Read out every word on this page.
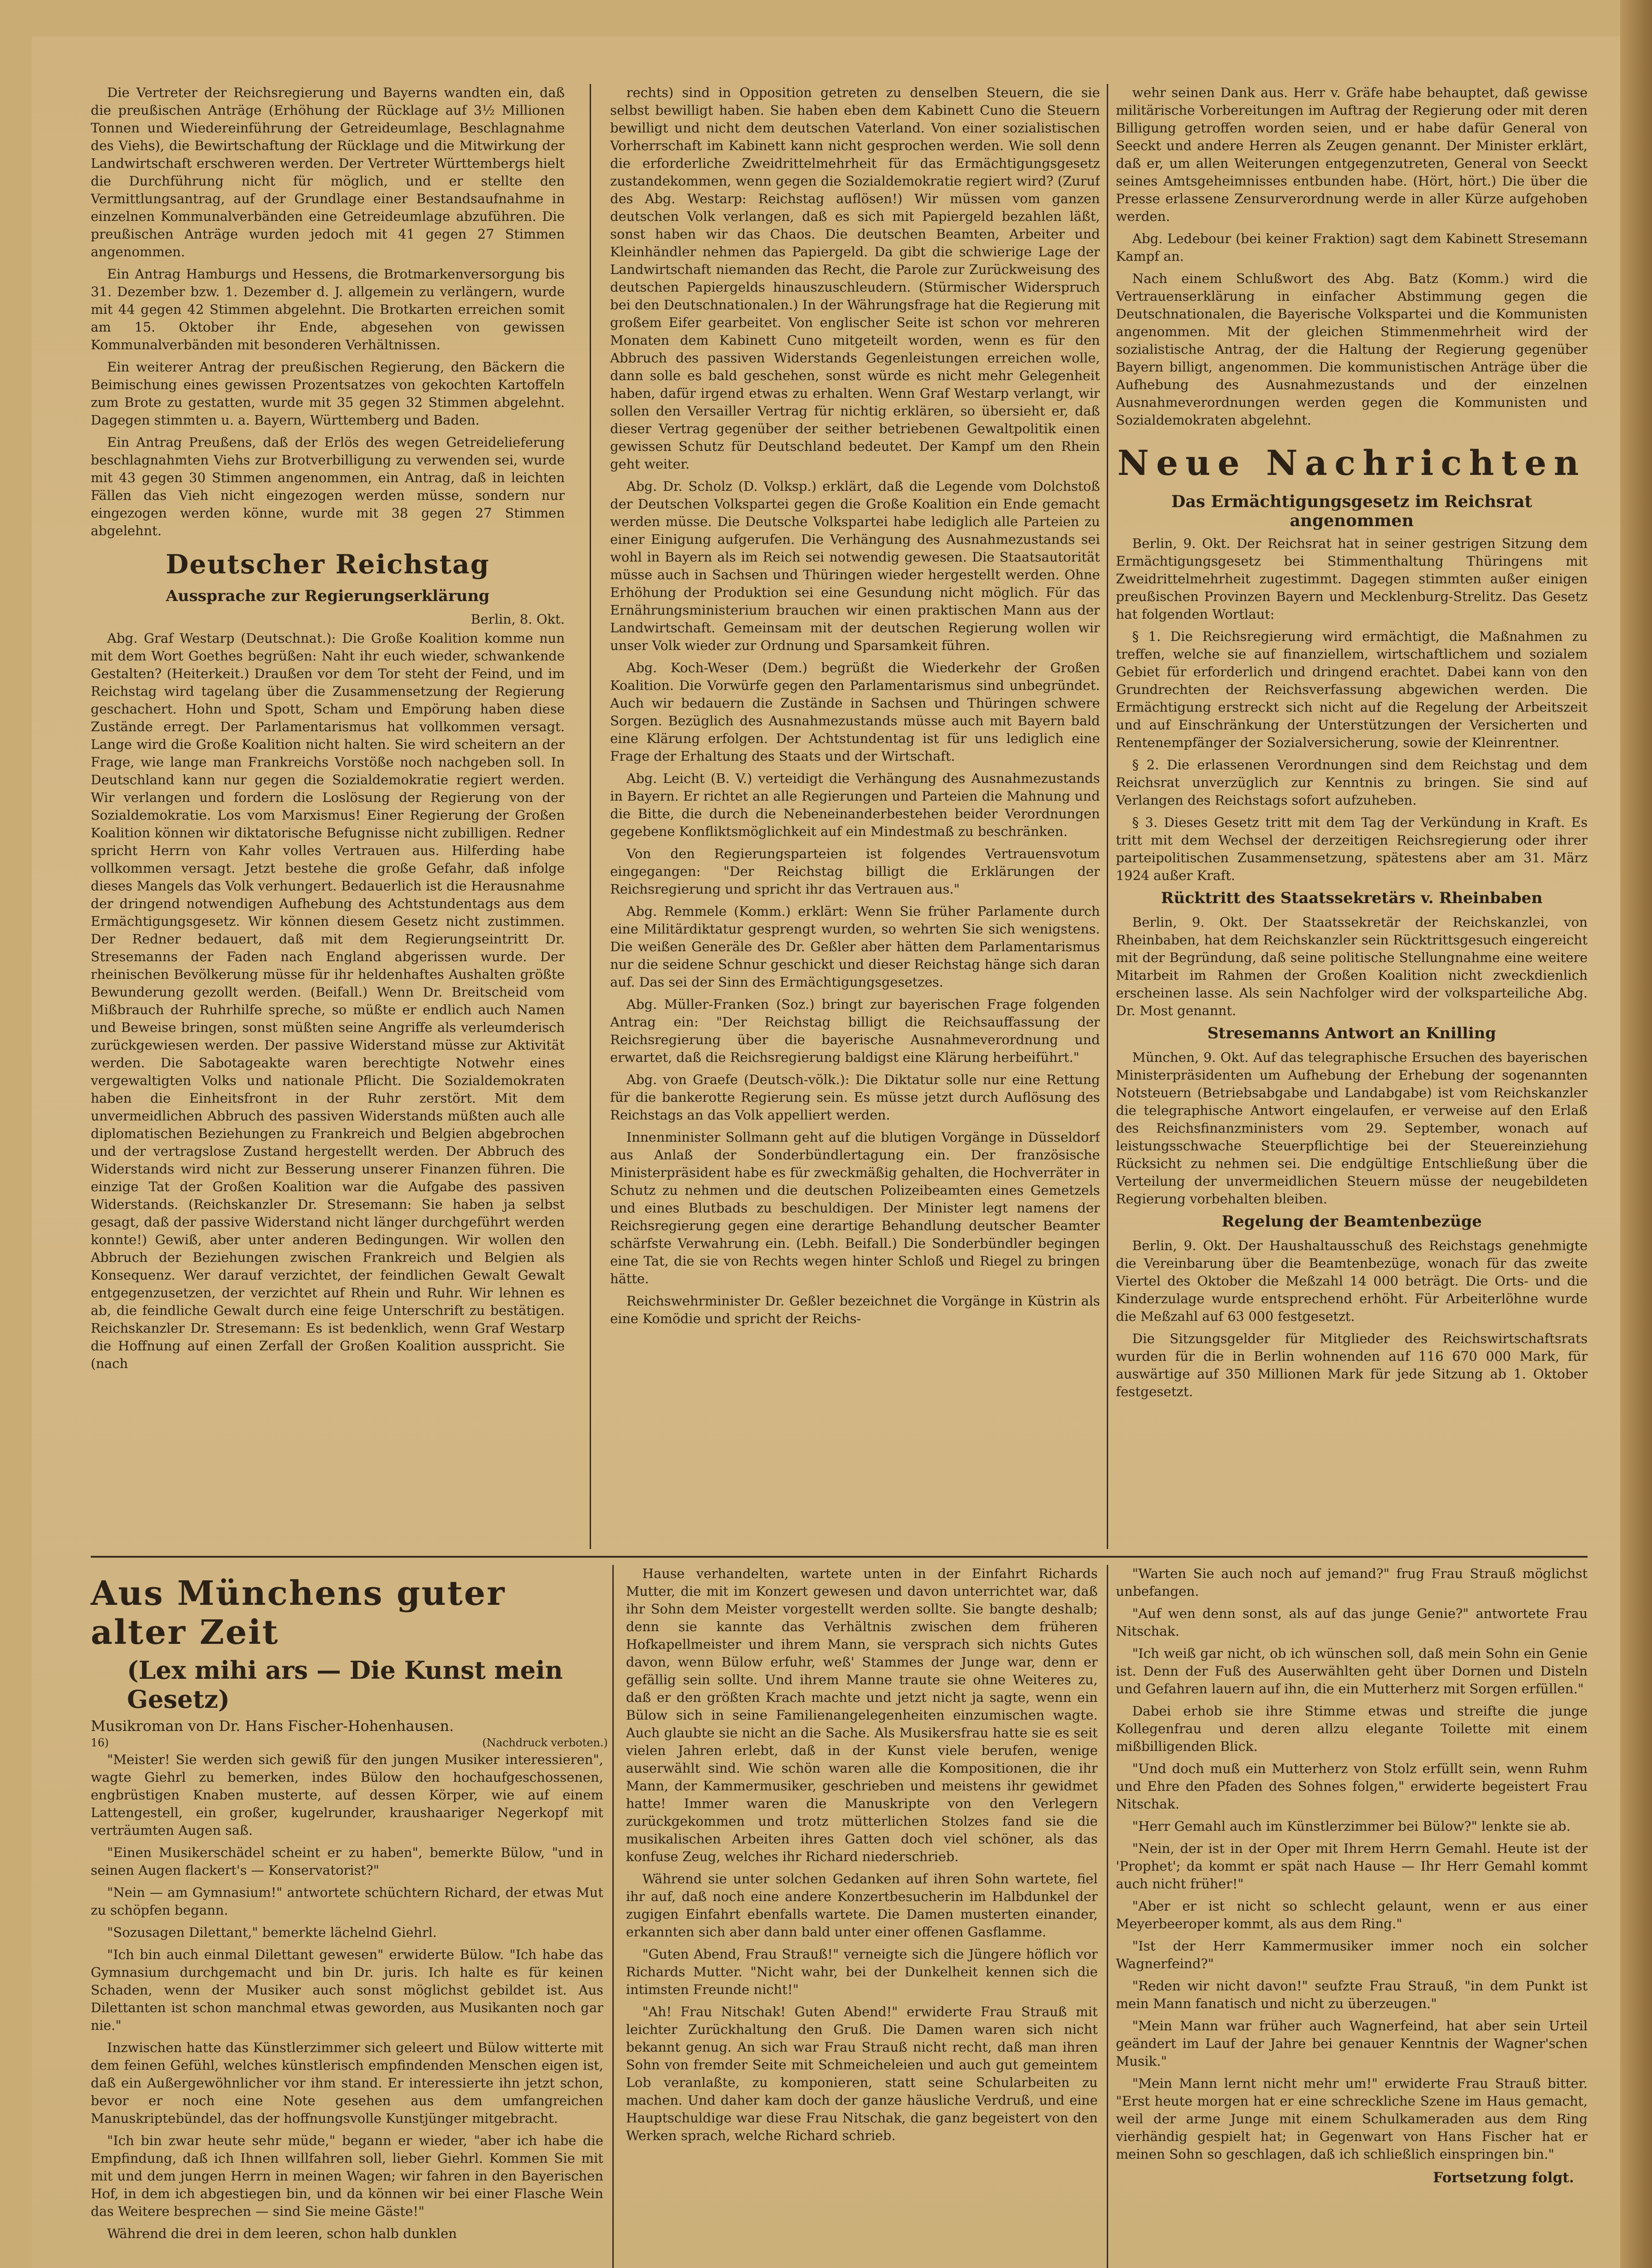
Die Vertreter der Reichsregierung und Bayerns wandten ein, daß die preußischen Anträge (Erhöhung der Rücklage auf 3½ Millionen Tonnen und Wiedereinführung der Getreideumlage, Beschlagnahme des Viehs), die Bewirtschaftung der Rücklage und die Mitwirkung der Landwirtschaft erschweren werden. Der Vertreter Württembergs hielt die Durchführung nicht für möglich, und er stellte den Vermittlungsantrag, auf der Grundlage einer Bestandsaufnahme in einzelnen Kommunalverbänden eine Getreideumlage abzuführen. Die preußischen Anträge wurden jedoch mit 41 gegen 27 Stimmen angenommen.

Ein Antrag Hamburgs und Hessens, die Brotmarkenversorgung bis 31. Dezember bzw. 1. Dezember d. J. allgemein zu verlängern, wurde mit 44 gegen 42 Stimmen abgelehnt. Die Brotkarten erreichen somit am 15. Oktober ihr Ende, abgesehen von gewissen Kommunalverbänden mit besonderen Verhältnissen.

Ein weiterer Antrag der preußischen Regierung, den Bäckern die Beimischung eines gewissen Prozentsatzes von gekochten Kartoffeln zum Brote zu gestatten, wurde mit 35 gegen 32 Stimmen abgelehnt. Dagegen stimmten u. a. Bayern, Württemberg und Baden.

Ein Antrag Preußens, daß der Erlös des wegen Getreidelieferung beschlagnahmten Viehs zur Brotverbilligung zu verwenden sei, wurde mit 43 gegen 30 Stimmen angenommen, ein Antrag, daß in leichten Fällen das Vieh nicht eingezogen werden müsse, sondern nur eingezogen werden könne, wurde mit 38 gegen 27 Stimmen abgelehnt.

Deutscher Reichstag
Aussprache zur Regierungserklärung
Berlin, 8. Okt.

Abg. Graf Westarp (Deutschnat.): Die Große Koalition komme nun mit dem Wort Goethes begrüßen: Naht ihr euch wieder, schwankende Gestalten? (Heiterkeit.) Draußen vor dem Tor steht der Feind, und im Reichstag wird tagelang über die Zusammensetzung der Regierung geschachert. Hohn und Spott, Scham und Empörung haben diese Zustände erregt. Der Parlamentarismus hat vollkommen versagt. Lange wird die Große Koalition nicht halten. Sie wird scheitern an der Frage, wie lange man Frankreichs Vorstöße noch nachgeben soll. In Deutschland kann nur gegen die Sozialdemokratie regiert werden. Wir verlangen und fordern die Loslösung der Regierung von der Sozialdemokratie. Los vom Marxismus! Einer Regierung der Großen Koalition können wir diktatorische Befugnisse nicht zubilligen. Redner spricht Herrn von Kahr volles Vertrauen aus. Hilferding habe vollkommen versagt. Jetzt bestehe die große Gefahr, daß infolge dieses Mangels das Volk verhungert. Bedauerlich ist die Herausnahme der dringend notwendigen Aufhebung des Achtstundentags aus dem Ermächtigungsgesetz. Wir können diesem Gesetz nicht zustimmen. Der Redner bedauert, daß mit dem Regierungseintritt Dr. Stresemanns der Faden nach England abgerissen wurde. Der rheinischen Bevölkerung müsse für ihr heldenhaftes Aushalten größte Bewunderung gezollt werden. (Beifall.) Wenn Dr. Breitscheid vom Mißbrauch der Ruhrhilfe spreche, so müßte er endlich auch Namen und Beweise bringen, sonst müßten seine Angriffe als verleumderisch zurückgewiesen werden. Der passive Widerstand müsse zur Aktivität werden. Die Sabotageakte waren berechtigte Notwehr eines vergewaltigten Volks und nationale Pflicht. Die Sozialdemokraten haben die Einheitsfront in der Ruhr zerstört. Mit dem unvermeidlichen Abbruch des passiven Widerstands müßten auch alle diplomatischen Beziehungen zu Frankreich und Belgien abgebrochen und der vertragslose Zustand hergestellt werden. Der Abbruch des Widerstands wird nicht zur Besserung unserer Finanzen führen. Die einzige Tat der Großen Koalition war die Aufgabe des passiven Widerstands. (Reichskanzler Dr. Stresemann: Sie haben ja selbst gesagt, daß der passive Widerstand nicht länger durchgeführt werden konnte!) Gewiß, aber unter anderen Bedingungen. Wir wollen den Abbruch der Beziehungen zwischen Frankreich und Belgien als Konsequenz. Wer darauf verzichtet, der feindlichen Gewalt Gewalt entgegenzusetzen, der verzichtet auf Rhein und Ruhr. Wir lehnen es ab, die feindliche Gewalt durch eine feige Unterschrift zu bestätigen. Reichskanzler Dr. Stresemann: Es ist bedenklich, wenn Graf Westarp die Hoffnung auf einen Zerfall der Großen Koalition ausspricht. Sie (nach

rechts) sind in Opposition getreten zu denselben Steuern, die sie selbst bewilligt haben. Sie haben eben dem Kabinett Cuno die Steuern bewilligt und nicht dem deutschen Vaterland. Von einer sozialistischen Vorherrschaft im Kabinett kann nicht gesprochen werden. Wie soll denn die erforderliche Zweidrittelmehrheit für das Ermächtigungsgesetz zustandekommen, wenn gegen die Sozialdemokratie regiert wird? (Zuruf des Abg. Westarp: Reichstag auflösen!) Wir müssen vom ganzen deutschen Volk verlangen, daß es sich mit Papiergeld bezahlen läßt, sonst haben wir das Chaos. Die deutschen Beamten, Arbeiter und Kleinhändler nehmen das Papiergeld. Da gibt die schwierige Lage der Landwirtschaft niemanden das Recht, die Parole zur Zurückweisung des deutschen Papiergelds hinauszuschleudern. (Stürmischer Widerspruch bei den Deutschnationalen.) In der Währungsfrage hat die Regierung mit großem Eifer gearbeitet. Von englischer Seite ist schon vor mehreren Monaten dem Kabinett Cuno mitgeteilt worden, wenn es für den Abbruch des passiven Widerstands Gegenleistungen erreichen wolle, dann solle es bald geschehen, sonst würde es nicht mehr Gelegenheit haben, dafür irgend etwas zu erhalten. Wenn Graf Westarp verlangt, wir sollen den Versailler Vertrag für nichtig erklären, so übersieht er, daß dieser Vertrag gegenüber der seither betriebenen Gewaltpolitik einen gewissen Schutz für Deutschland bedeutet. Der Kampf um den Rhein geht weiter.

Abg. Dr. Scholz (D. Volksp.) erklärt, daß die Legende vom Dolchstoß der Deutschen Volkspartei gegen die Große Koalition ein Ende gemacht werden müsse. Die Deutsche Volkspartei habe lediglich alle Parteien zu einer Einigung aufgerufen. Die Verhängung des Ausnahmezustands sei wohl in Bayern als im Reich sei notwendig gewesen. Die Staatsautorität müsse auch in Sachsen und Thüringen wieder hergestellt werden. Ohne Erhöhung der Produktion sei eine Gesundung nicht möglich. Für das Ernährungsministerium brauchen wir einen praktischen Mann aus der Landwirtschaft. Gemeinsam mit der deutschen Regierung wollen wir unser Volk wieder zur Ordnung und Sparsamkeit führen.

Abg. Koch-Weser (Dem.) begrüßt die Wiederkehr der Großen Koalition. Die Vorwürfe gegen den Parlamentarismus sind unbegründet. Auch wir bedauern die Zustände in Sachsen und Thüringen schwere Sorgen. Bezüglich des Ausnahmezustands müsse auch mit Bayern bald eine Klärung erfolgen. Der Achtstundentag ist für uns lediglich eine Frage der Erhaltung des Staats und der Wirtschaft.

Abg. Leicht (B. V.) verteidigt die Verhängung des Ausnahmezustands in Bayern. Er richtet an alle Regierungen und Parteien die Mahnung und die Bitte, die durch die Nebeneinanderbestehen beider Verordnungen gegebene Konfliktsmöglichkeit auf ein Mindestmaß zu beschränken.

Von den Regierungsparteien ist folgendes Vertrauensvotum eingegangen: "Der Reichstag billigt die Erklärungen der Reichsregierung und spricht ihr das Vertrauen aus."

Abg. Remmele (Komm.) erklärt: Wenn Sie früher Parlamente durch eine Militärdiktatur gesprengt wurden, so wehrten Sie sich wenigstens. Die weißen Generäle des Dr. Geßler aber hätten dem Parlamentarismus nur die seidene Schnur geschickt und dieser Reichstag hänge sich daran auf. Das sei der Sinn des Ermächtigungsgesetzes.

Abg. Müller-Franken (Soz.) bringt zur bayerischen Frage folgenden Antrag ein: "Der Reichstag billigt die Reichsauffassung der Reichsregierung über die bayerische Ausnahmeverordnung und erwartet, daß die Reichsregierung baldigst eine Klärung herbeiführt."

Abg. von Graefe (Deutsch-völk.): Die Diktatur solle nur eine Rettung für die bankerotte Regierung sein. Es müsse jetzt durch Auflösung des Reichstags an das Volk appelliert werden.

Innenminister Sollmann geht auf die blutigen Vorgänge in Düsseldorf aus Anlaß der Sonderbündlertagung ein. Der französische Ministerpräsident habe es für zweckmäßig gehalten, die Hochverräter in Schutz zu nehmen und die deutschen Polizeibeamten eines Gemetzels und eines Blutbads zu beschuldigen. Der Minister legt namens der Reichsregierung gegen eine derartige Behandlung deutscher Beamter schärfste Verwahrung ein. (Lebh. Beifall.) Die Sonderbündler begingen eine Tat, die sie von Rechts wegen hinter Schloß und Riegel zu bringen hätte.

Reichswehrminister Dr. Geßler bezeichnet die Vorgänge in Küstrin als eine Komödie und spricht der Reichs-

wehr seinen Dank aus. Herr v. Gräfe habe behauptet, daß gewisse militärische Vorbereitungen im Auftrag der Regierung oder mit deren Billigung getroffen worden seien, und er habe dafür General von Seeckt und andere Herren als Zeugen genannt. Der Minister erklärt, daß er, um allen Weiterungen entgegenzutreten, General von Seeckt seines Amtsgeheimnisses entbunden habe. (Hört, hört.) Die über die Presse erlassene Zensurverordnung werde in aller Kürze aufgehoben werden.

Abg. Ledebour (bei keiner Fraktion) sagt dem Kabinett Stresemann Kampf an.

Nach einem Schlußwort des Abg. Batz (Komm.) wird die Vertrauenserklärung in einfacher Abstimmung gegen die Deutschnationalen, die Bayerische Volkspartei und die Kommunisten angenommen. Mit der gleichen Stimmenmehrheit wird der sozialistische Antrag, der die Haltung der Regierung gegenüber Bayern billigt, angenommen. Die kommunistischen Anträge über die Aufhebung des Ausnahmezustands und der einzelnen Ausnahmeverordnungen werden gegen die Kommunisten und Sozialdemokraten abgelehnt.

Neue Nachrichten
Das Ermächtigungsgesetz im Reichsrat angenommen

Berlin, 9. Okt. Der Reichsrat hat in seiner gestrigen Sitzung dem Ermächtigungsgesetz bei Stimmenthaltung Thüringens mit Zweidrittelmehrheit zugestimmt. Dagegen stimmten außer einigen preußischen Provinzen Bayern und Mecklenburg-Strelitz. Das Gesetz hat folgenden Wortlaut:

§ 1. Die Reichsregierung wird ermächtigt, die Maßnahmen zu treffen, welche sie auf finanziellem, wirtschaftlichem und sozialem Gebiet für erforderlich und dringend erachtet. Dabei kann von den Grundrechten der Reichsverfassung abgewichen werden. Die Ermächtigung erstreckt sich nicht auf die Regelung der Arbeitszeit und auf Einschränkung der Unterstützungen der Versicherten und Rentenempfänger der Sozialversicherung, sowie der Kleinrentner.

§ 2. Die erlassenen Verordnungen sind dem Reichstag und dem Reichsrat unverzüglich zur Kenntnis zu bringen. Sie sind auf Verlangen des Reichstags sofort aufzuheben.

§ 3. Dieses Gesetz tritt mit dem Tag der Verkündung in Kraft. Es tritt mit dem Wechsel der derzeitigen Reichsregierung oder ihrer parteipolitischen Zusammensetzung, spätestens aber am 31. März 1924 außer Kraft.

Rücktritt des Staatssekretärs v. Rheinbaben

Berlin, 9. Okt. Der Staatssekretär der Reichskanzlei, von Rheinbaben, hat dem Reichskanzler sein Rücktrittsgesuch eingereicht mit der Begründung, daß seine politische Stellungnahme eine weitere Mitarbeit im Rahmen der Großen Koalition nicht zweckdienlich erscheinen lasse. Als sein Nachfolger wird der volksparteiliche Abg. Dr. Most genannt.

Stresemanns Antwort an Knilling

München, 9. Okt. Auf das telegraphische Ersuchen des bayerischen Ministerpräsidenten um Aufhebung der Erhebung der sogenannten Notsteuern (Betriebsabgabe und Landabgabe) ist vom Reichskanzler die telegraphische Antwort eingelaufen, er verweise auf den Erlaß des Reichsfinanzministers vom 29. September, wonach auf leistungsschwache Steuerpflichtige bei der Steuereinziehung Rücksicht zu nehmen sei. Die endgültige Entschließung über die Verteilung der unvermeidlichen Steuern müsse der neugebildeten Regierung vorbehalten bleiben.

Regelung der Beamtenbezüge

Berlin, 9. Okt. Der Haushaltausschuß des Reichstags genehmigte die Vereinbarung über die Beamtenbezüge, wonach für das zweite Viertel des Oktober die Meßzahl 14 000 beträgt. Die Orts- und die Kinderzulage wurde entsprechend erhöht. Für Arbeiterlöhne wurde die Meßzahl auf 63 000 festgesetzt.

Die Sitzungsgelder für Mitglieder des Reichswirtschaftsrats wurden für die in Berlin wohnenden auf 116 670 000 Mark, für auswärtige auf 350 Millionen Mark für jede Sitzung ab 1. Oktober festgesetzt.

Aus Münchens guter alter Zeit
(Lex mihi ars — Die Kunst mein Gesetz)
Musikroman von Dr. Hans Fischer-Hohenhausen.
16)	(Nachdruck verboten.)

"Meister! Sie werden sich gewiß für den jungen Musiker interessieren", wagte Giehrl zu bemerken, indes Bülow den hochaufgeschossenen, engbrüstigen Knaben musterte, auf dessen Körper, wie auf einem Lattengestell, ein großer, kugelrunder, kraushaariger Negerkopf mit verträumten Augen saß.

"Einen Musikerschädel scheint er zu haben", bemerkte Bülow, "und in seinen Augen flackert's — Konservatorist?"

"Nein — am Gymnasium!" antwortete schüchtern Richard, der etwas Mut zu schöpfen begann.

"Sozusagen Dilettant," bemerkte lächelnd Giehrl.

"Ich bin auch einmal Dilettant gewesen" erwiderte Bülow. "Ich habe das Gymnasium durchgemacht und bin Dr. juris. Ich halte es für keinen Schaden, wenn der Musiker auch sonst möglichst gebildet ist. Aus Dilettanten ist schon manchmal etwas geworden, aus Musikanten noch gar nie."

Inzwischen hatte das Künstlerzimmer sich geleert und Bülow witterte mit dem feinen Gefühl, welches künstlerisch empfindenden Menschen eigen ist, daß ein Außergewöhnlicher vor ihm stand. Er interessierte ihn jetzt schon, bevor er noch eine Note gesehen aus dem umfangreichen Manuskriptebündel, das der hoffnungsvolle Kunstjünger mitgebracht.

"Ich bin zwar heute sehr müde," begann er wieder, "aber ich habe die Empfindung, daß ich Ihnen willfahren soll, lieber Giehrl. Kommen Sie mit mit und dem jungen Herrn in meinen Wagen; wir fahren in den Bayerischen Hof, in dem ich abgestiegen bin, und da können wir bei einer Flasche Wein das Weitere besprechen — sind Sie meine Gäste!"

Während die drei in dem leeren, schon halb dunklen

Hause verhandelten, wartete unten in der Einfahrt Richards Mutter, die mit im Konzert gewesen und davon unterrichtet war, daß ihr Sohn dem Meister vorgestellt werden sollte. Sie bangte deshalb; denn sie kannte das Verhältnis zwischen dem früheren Hofkapellmeister und ihrem Mann, sie versprach sich nichts Gutes davon, wenn Bülow erfuhr, weß' Stammes der Junge war, denn er gefällig sein sollte. Und ihrem Manne traute sie ohne Weiteres zu, daß er den größten Krach machte und jetzt nicht ja sagte, wenn ein Bülow sich in seine Familienangelegenheiten einzumischen wagte. Auch glaubte sie nicht an die Sache. Als Musikersfrau hatte sie es seit vielen Jahren erlebt, daß in der Kunst viele berufen, wenige auserwählt sind. Wie schön waren alle die Kompositionen, die ihr Mann, der Kammermusiker, geschrieben und meistens ihr gewidmet hatte! Immer waren die Manuskripte von den Verlegern zurückgekommen und trotz mütterlichen Stolzes fand sie die musikalischen Arbeiten ihres Gatten doch viel schöner, als das konfuse Zeug, welches ihr Richard niederschrieb.

Während sie unter solchen Gedanken auf ihren Sohn wartete, fiel ihr auf, daß noch eine andere Konzertbesucherin im Halbdunkel der zugigen Einfahrt ebenfalls wartete. Die Damen musterten einander, erkannten sich aber dann bald unter einer offenen Gasflamme.

"Guten Abend, Frau Strauß!" verneigte sich die Jüngere höflich vor Richards Mutter. "Nicht wahr, bei der Dunkelheit kennen sich die intimsten Freunde nicht!"

"Ah! Frau Nitschak! Guten Abend!" erwiderte Frau Strauß mit leichter Zurückhaltung den Gruß. Die Damen waren sich nicht bekannt genug. An sich war Frau Strauß nicht recht, daß man ihren Sohn von fremder Seite mit Schmeicheleien und auch gut gemeintem Lob veranlaßte, zu komponieren, statt seine Schularbeiten zu machen. Und daher kam doch der ganze häusliche Verdruß, und eine Hauptschuldige war diese Frau Nitschak, die ganz begeistert von den Werken sprach, welche Richard schrieb.

"Warten Sie auch noch auf jemand?" frug Frau Strauß möglichst unbefangen.

"Auf wen denn sonst, als auf das junge Genie?" antwortete Frau Nitschak.

"Ich weiß gar nicht, ob ich wünschen soll, daß mein Sohn ein Genie ist. Denn der Fuß des Auserwählten geht über Dornen und Disteln und Gefahren lauern auf ihn, die ein Mutterherz mit Sorgen erfüllen."

Dabei erhob sie ihre Stimme etwas und streifte die junge Kollegenfrau und deren allzu elegante Toilette mit einem mißbilligenden Blick.

"Und doch muß ein Mutterherz von Stolz erfüllt sein, wenn Ruhm und Ehre den Pfaden des Sohnes folgen," erwiderte begeistert Frau Nitschak.

"Herr Gemahl auch im Künstlerzimmer bei Bülow?" lenkte sie ab.

"Nein, der ist in der Oper mit Ihrem Herrn Gemahl. Heute ist der 'Prophet'; da kommt er spät nach Hause — Ihr Herr Gemahl kommt auch nicht früher!"

"Aber er ist nicht so schlecht gelaunt, wenn er aus einer Meyerbeeroper kommt, als aus dem Ring."

"Ist der Herr Kammermusiker immer noch ein solcher Wagnerfeind?"

"Reden wir nicht davon!" seufzte Frau Strauß, "in dem Punkt ist mein Mann fanatisch und nicht zu überzeugen."

"Mein Mann war früher auch Wagnerfeind, hat aber sein Urteil geändert im Lauf der Jahre bei genauer Kenntnis der Wagner'schen Musik."

"Mein Mann lernt nicht mehr um!" erwiderte Frau Strauß bitter. "Erst heute morgen hat er eine schreckliche Szene im Haus gemacht, weil der arme Junge mit einem Schulkameraden aus dem Ring vierhändig gespielt hat; in Gegenwart von Hans Fischer hat er meinen Sohn so geschlagen, daß ich schließlich einspringen bin."

Fortsetzung folgt.
